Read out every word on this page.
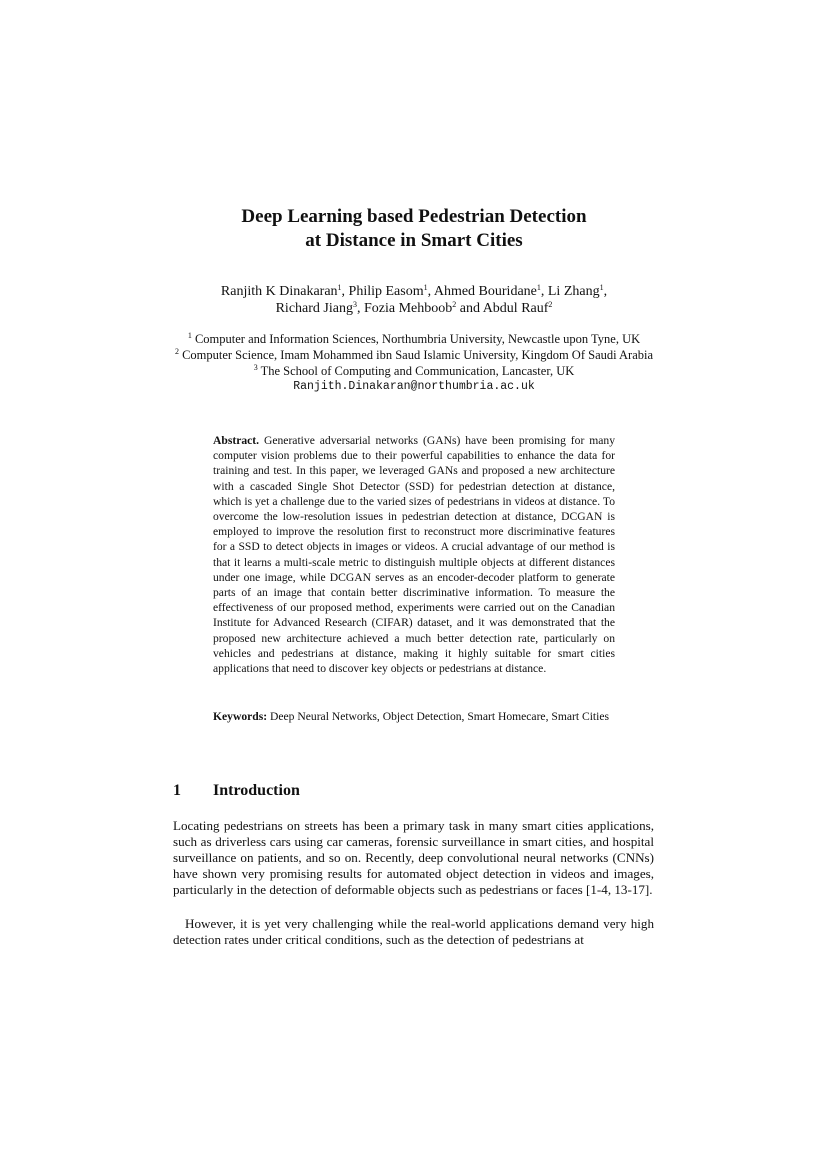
Deep Learning based Pedestrian Detection
at Distance in Smart Cities
Ranjith K Dinakaran$^1$, Philip Easom$^1$, Ahmed Bouridane$^1$, Li Zhang$^1$,
Richard Jiang$^3$, Fozia Mehboob$^2$ and Abdul Rauf$^2$
$^1$ Computer and Information Sciences, Northumbria University, Newcastle upon Tyne, UK
$^2$ Computer Science, Imam Mohammed ibn Saud Islamic University, Kingdom Of Saudi Arabia
$^3$ The School of Computing and Communication, Lancaster, UK
Ranjith.Dinakaran@northumbria.ac.uk
Abstract. Generative adversarial networks (GANs) have been promising for many computer vision problems due to their powerful capabilities to enhance the data for training and test. In this paper, we leveraged GANs and proposed a new architecture with a cascaded Single Shot Detector (SSD) for pedestrian detection at distance, which is yet a challenge due to the varied sizes of pedestrians in videos at distance. To overcome the low-resolution issues in pedestrian detection at distance, DCGAN is employed to improve the resolution first to reconstruct more discriminative features for a SSD to detect objects in images or videos. A crucial advantage of our method is that it learns a multi-scale metric to distinguish multiple objects at different distances under one image, while DCGAN serves as an encoder-decoder platform to generate parts of an image that contain better discriminative information. To measure the effectiveness of our proposed method, experiments were carried out on the Canadian Institute for Advanced Research (CIFAR) dataset, and it was demonstrated that the proposed new architecture achieved a much better detection rate, particularly on vehicles and pedestrians at distance, making it highly suitable for smart cities applications that need to discover key objects or pedestrians at distance.
Keywords: Deep Neural Networks, Object Detection, Smart Homecare, Smart Cities
1 Introduction
Locating pedestrians on streets has been a primary task in many smart cities applications, such as driverless cars using car cameras, forensic surveillance in smart cities, and hospital surveillance on patients, and so on. Recently, deep convolutional neural networks (CNNs) have shown very promising results for automated object detection in videos and images, particularly in the detection of deformable objects such as pedestrians or faces [1-4, 13-17].
However, it is yet very challenging while the real-world applications demand very high detection rates under critical conditions, such as the detection of pedestrians at
